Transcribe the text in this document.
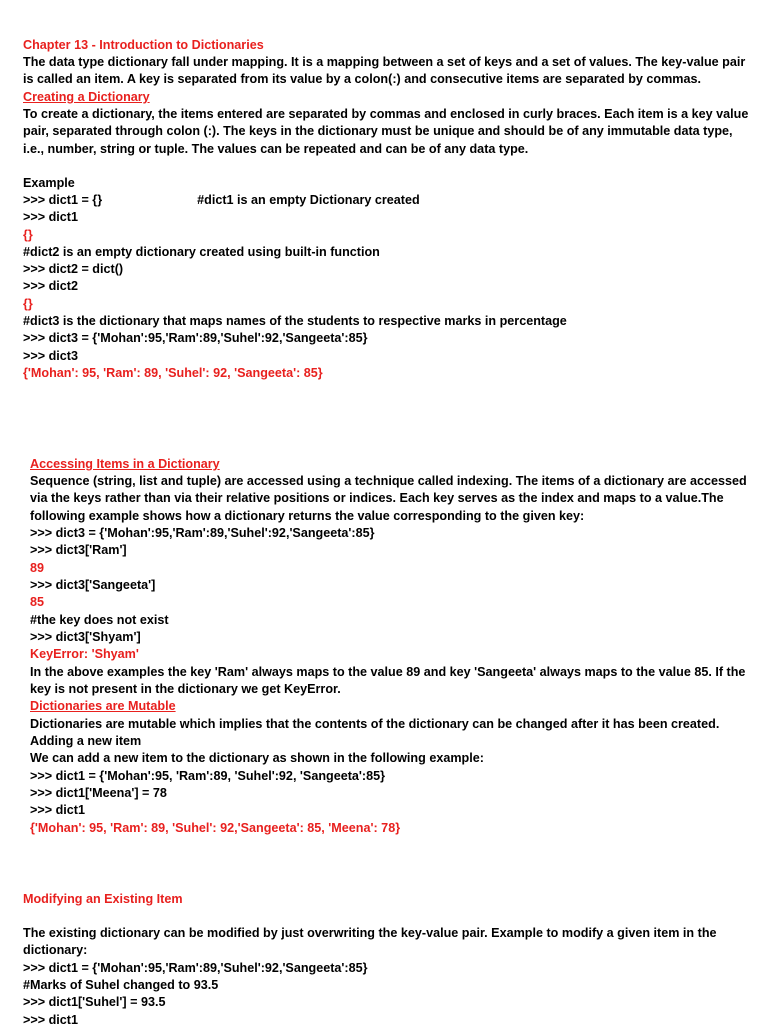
Chapter 13 - Introduction to Dictionaries

The data type dictionary fall under mapping. It is a mapping between a set of keys and a set of values. The key-value pair

is called an item. A key is separated from its value by a colon(:) and consecutive items are separated by commas.

Creating a Dictionary

To create a dictionary, the items entered are separated by commas and enclosed in curly braces. Each item is a key value

pair, separated through colon (:). The keys in the dictionary must be unique and should be of any immutable data type,

i.e., number, string or tuple. The values can be repeated and can be of any data type.

Example

>>> dict1 = {}	#dict1 is an empty Dictionary created

>>> dict1

{}

#dict2 is an empty dictionary created using built-in function

>>> dict2 = dict()

>>> dict2

{}

#dict3 is the dictionary that maps names of the students to respective marks in percentage

>>> dict3 = {'Mohan':95,'Ram':89,'Suhel':92,'Sangeeta':85}

>>> dict3

{'Mohan': 95, 'Ram': 89, 'Suhel': 92, 'Sangeeta': 85}

Accessing Items in a Dictionary

Sequence (string, list and tuple) are accessed using a technique called indexing. The items of a dictionary are accessed

via the keys rather than via their relative positions or indices. Each key serves as the index and maps to a value.The

following example shows how a dictionary returns the value corresponding to the given key:

>>> dict3 = {'Mohan':95,'Ram':89,'Suhel':92,'Sangeeta':85}

>>> dict3['Ram']

89

>>> dict3['Sangeeta']

85

#the key does not exist

>>> dict3['Shyam']

KeyError: 'Shyam'

In the above examples the key 'Ram' always maps to the value 89 and key 'Sangeeta' always maps to the value 85. If the

key is not present in the dictionary we get KeyError.

Dictionaries are Mutable

Dictionaries are mutable which implies that the contents of the dictionary can be changed after it has been created.

Adding a new item

We can add a new item to the dictionary as shown in the following example:

>>> dict1 = {'Mohan':95, 'Ram':89, 'Suhel':92, 'Sangeeta':85}

>>> dict1['Meena'] = 78

>>> dict1

{'Mohan': 95, 'Ram': 89, 'Suhel': 92,'Sangeeta': 85, 'Meena': 78}

Modifying an Existing Item

The existing dictionary can be modified by just overwriting the key-value pair. Example to modify a given item in the

dictionary:

>>> dict1 = {'Mohan':95,'Ram':89,'Suhel':92,'Sangeeta':85}

#Marks of Suhel changed to 93.5

>>> dict1['Suhel'] = 93.5

>>> dict1
